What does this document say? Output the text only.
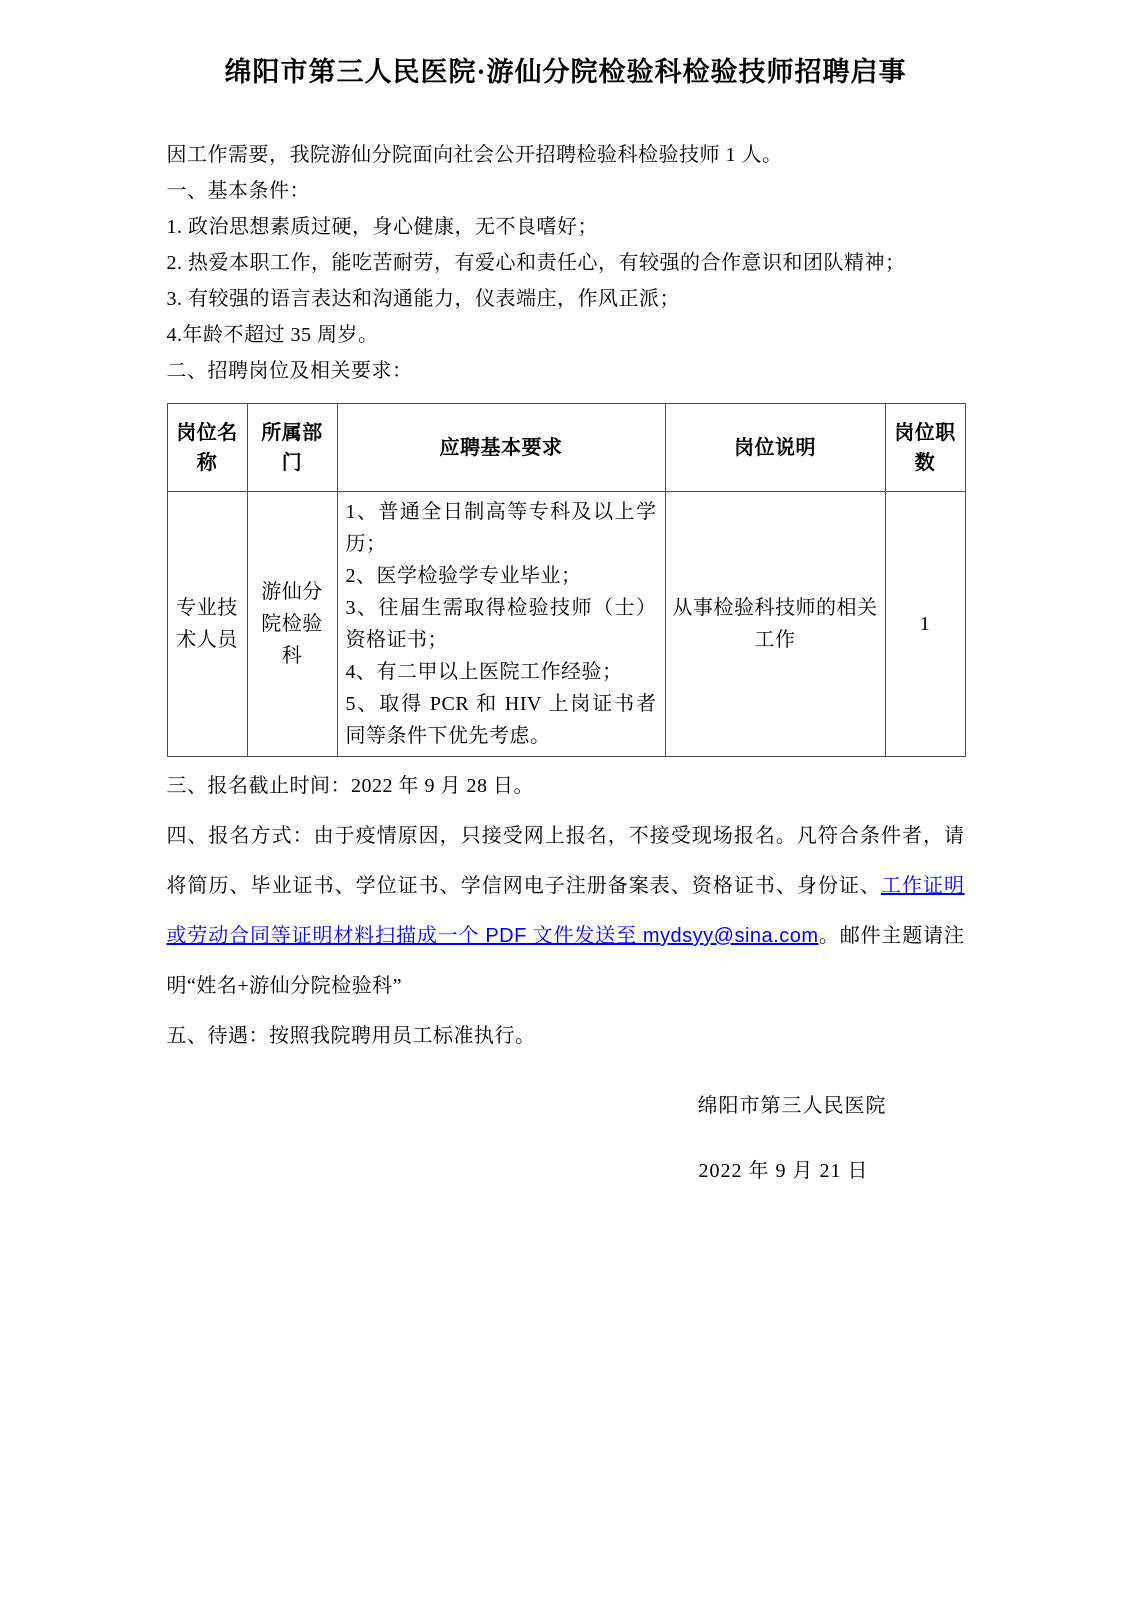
绵阳市第三人民医院·游仙分院检验科检验技师招聘启事

因工作需要，我院游仙分院面向社会公开招聘检验科检验技师 1 人。

一、基本条件：

1. 政治思想素质过硬，身心健康，无不良嗜好；

2. 热爱本职工作，能吃苦耐劳，有爱心和责任心，有较强的合作意识和团队精神；

3. 有较强的语言表达和沟通能力，仪表端庄，作风正派；

4.年龄不超过 35 周岁。

二、招聘岗位及相关要求：

岗位名称	所属部门	应聘基本要求	岗位说明	岗位职数
专业技术人员	游仙分院检验科	1、普通全日制高等专科及以上学历；
2、医学检验学专业毕业；
3、往届生需取得检验技师（士）资格证书；
4、有二甲以上医院工作经验；
5、取得 PCR 和 HIV 上岗证书者同等条件下优先考虑。	从事检验科技师的相关工作	1

三、报名截止时间：2022 年 9 月 28 日。

四、报名方式：由于疫情原因，只接受网上报名，不接受现场报名。凡符合条件者，请将简历、毕业证书、学位证书、学信网电子注册备案表、资格证书、身份证、工作证明或劳动合同等证明材料扫描成一个 PDF 文件发送至 mydsyy@sina.com。邮件主题请注明“姓名+游仙分院检验科”

五、待遇：按照我院聘用员工标准执行。

绵阳市第三人民医院

2022 年 9 月 21 日
